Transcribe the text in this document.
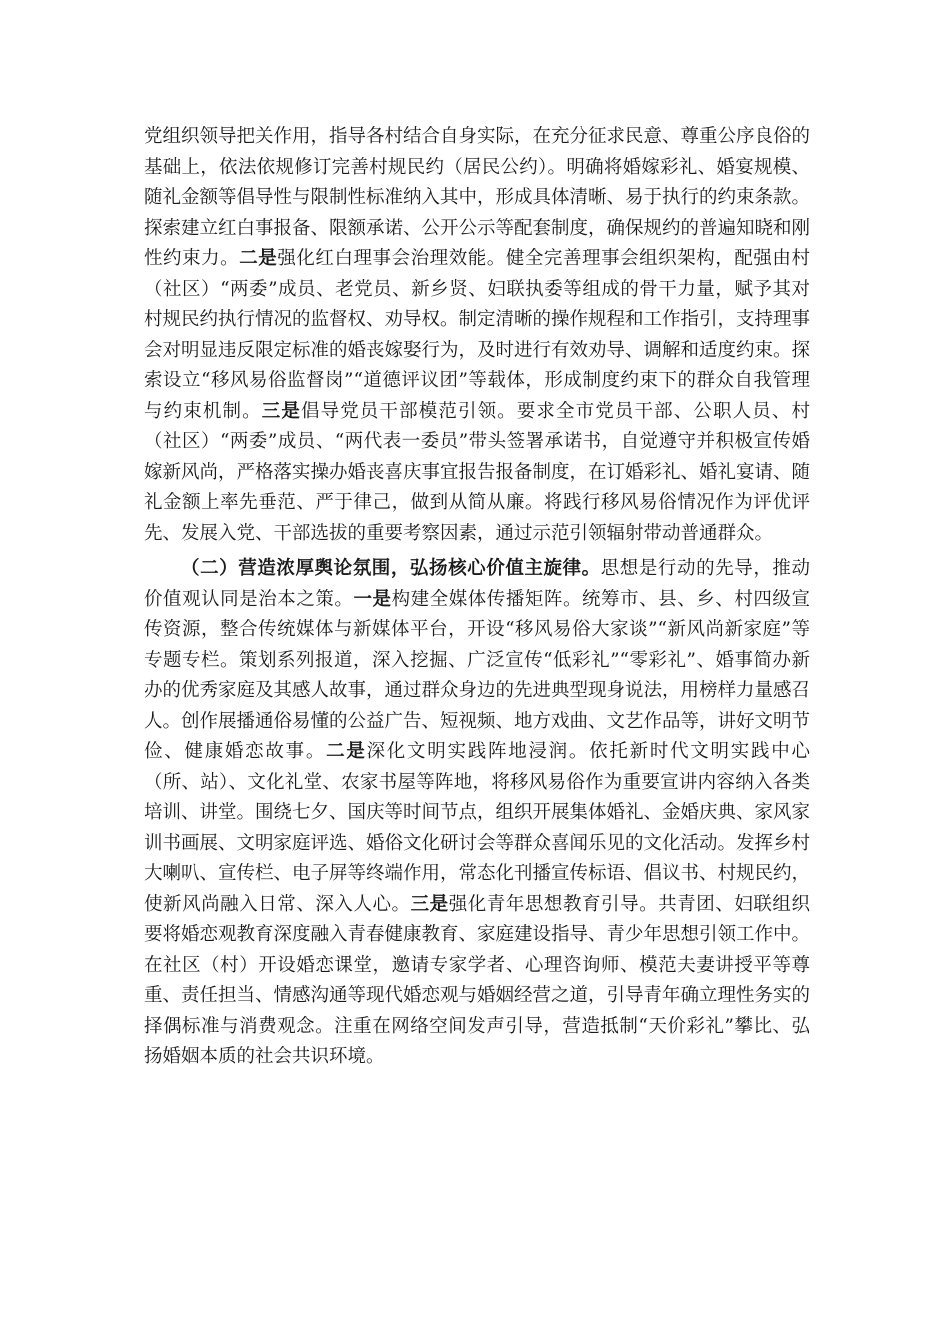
党组织领导把关作用，指导各村结合自身实际，在充分征求民意、尊重公序良俗的基础上，依法依规修订完善村规民约（居民公约）。明确将婚嫁彩礼、婚宴规模、随礼金额等倡导性与限制性标准纳入其中，形成具体清晰、易于执行的约束条款。探索建立红白事报备、限额承诺、公开公示等配套制度，确保规约的普遍知晓和刚性约束力。二是强化红白理事会治理效能。健全完善理事会组织架构，配强由村（社区）“两委”成员、老党员、新乡贤、妇联执委等组成的骨干力量，赋予其对村规民约执行情况的监督权、劝导权。制定清晰的操作规程和工作指引，支持理事会对明显违反限定标准的婚丧嫁娶行为，及时进行有效劝导、调解和适度约束。探索设立“移风易俗监督岗”“道德评议团”等载体，形成制度约束下的群众自我管理与约束机制。三是倡导党员干部模范引领。要求全市党员干部、公职人员、村（社区）“两委”成员、“两代表一委员”带头签署承诺书，自觉遵守并积极宣传婚嫁新风尚，严格落实操办婚丧喜庆事宜报告报备制度，在订婚彩礼、婚礼宴请、随礼金额上率先垂范、严于律己，做到从简从廉。将践行移风易俗情况作为评优评先、发展入党、干部选拔的重要考察因素，通过示范引领辐射带动普通群众。

（二）营造浓厚舆论氛围，弘扬核心价值主旋律。思想是行动的先导，推动价值观认同是治本之策。一是构建全媒体传播矩阵。统筹市、县、乡、村四级宣传资源，整合传统媒体与新媒体平台，开设“移风易俗大家谈”“新风尚新家庭”等专题专栏。策划系列报道，深入挖掘、广泛宣传“低彩礼”“零彩礼”、婚事简办新办的优秀家庭及其感人故事，通过群众身边的先进典型现身说法，用榜样力量感召人。创作展播通俗易懂的公益广告、短视频、地方戏曲、文艺作品等，讲好文明节俭、健康婚恋故事。二是深化文明实践阵地浸润。依托新时代文明实践中心（所、站）、文化礼堂、农家书屋等阵地，将移风易俗作为重要宣讲内容纳入各类培训、讲堂。围绕七夕、国庆等时间节点，组织开展集体婚礼、金婚庆典、家风家训书画展、文明家庭评选、婚俗文化研讨会等群众喜闻乐见的文化活动。发挥乡村大喇叭、宣传栏、电子屏等终端作用，常态化刊播宣传标语、倡议书、村规民约，使新风尚融入日常、深入人心。三是强化青年思想教育引导。共青团、妇联组织要将婚恋观教育深度融入青春健康教育、家庭建设指导、青少年思想引领工作中。在社区（村）开设婚恋课堂，邀请专家学者、心理咨询师、模范夫妻讲授平等尊重、责任担当、情感沟通等现代婚恋观与婚姻经营之道，引导青年确立理性务实的择偶标准与消费观念。注重在网络空间发声引导，营造抵制“天价彩礼”攀比、弘扬婚姻本质的社会共识环境。
